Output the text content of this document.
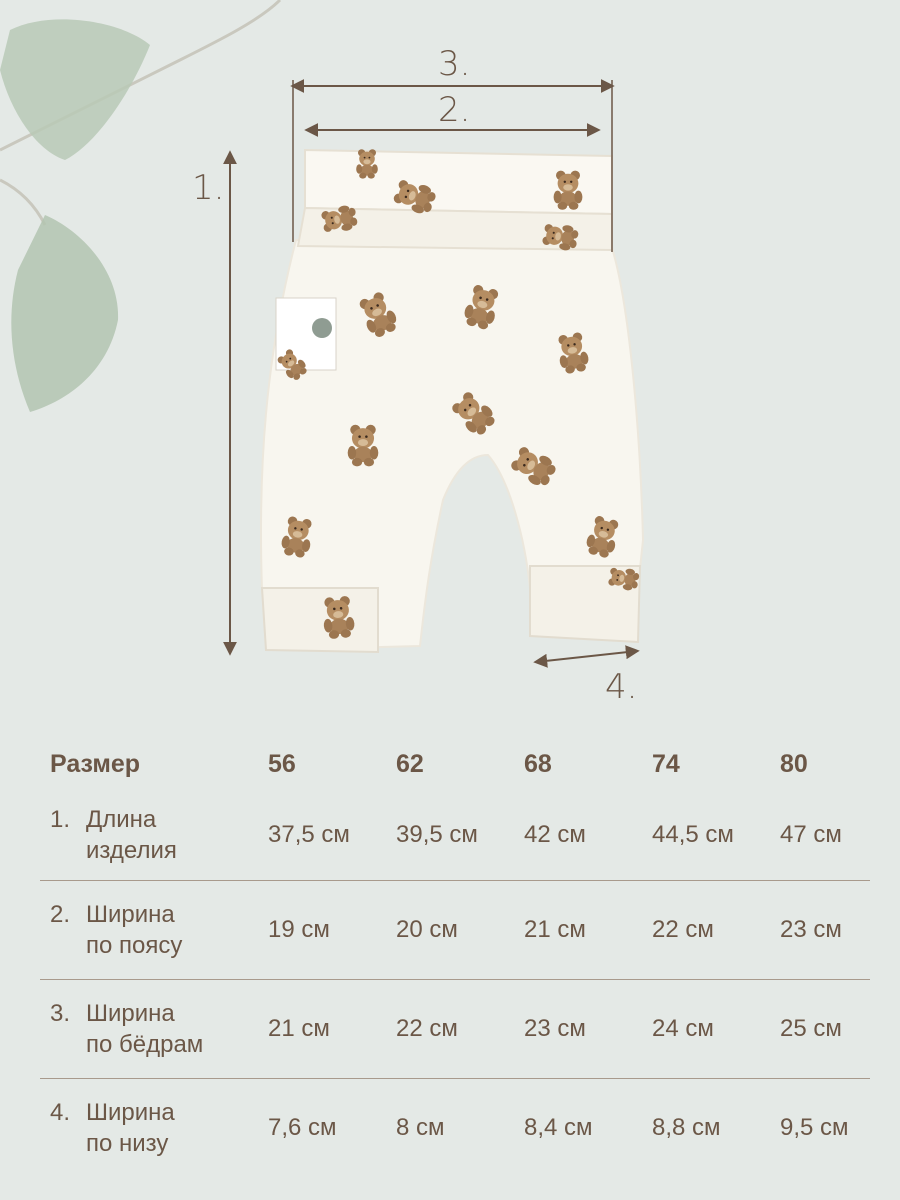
3.
2.
1.
4.
Размер	56	62	68	74	80

1. Длина
изделия	37,5 см	39,5 см	42 см	44,5 см	47 см

2. Ширина
по поясу	19 см	20 см	21 см	22 см	23 см

3. Ширина
по бёдрам	21 см	22 см	23 см	24 см	25 см

4. Ширина
по низу	7,6 см	8 см	8,4 см	8,8 см	9,5 см
